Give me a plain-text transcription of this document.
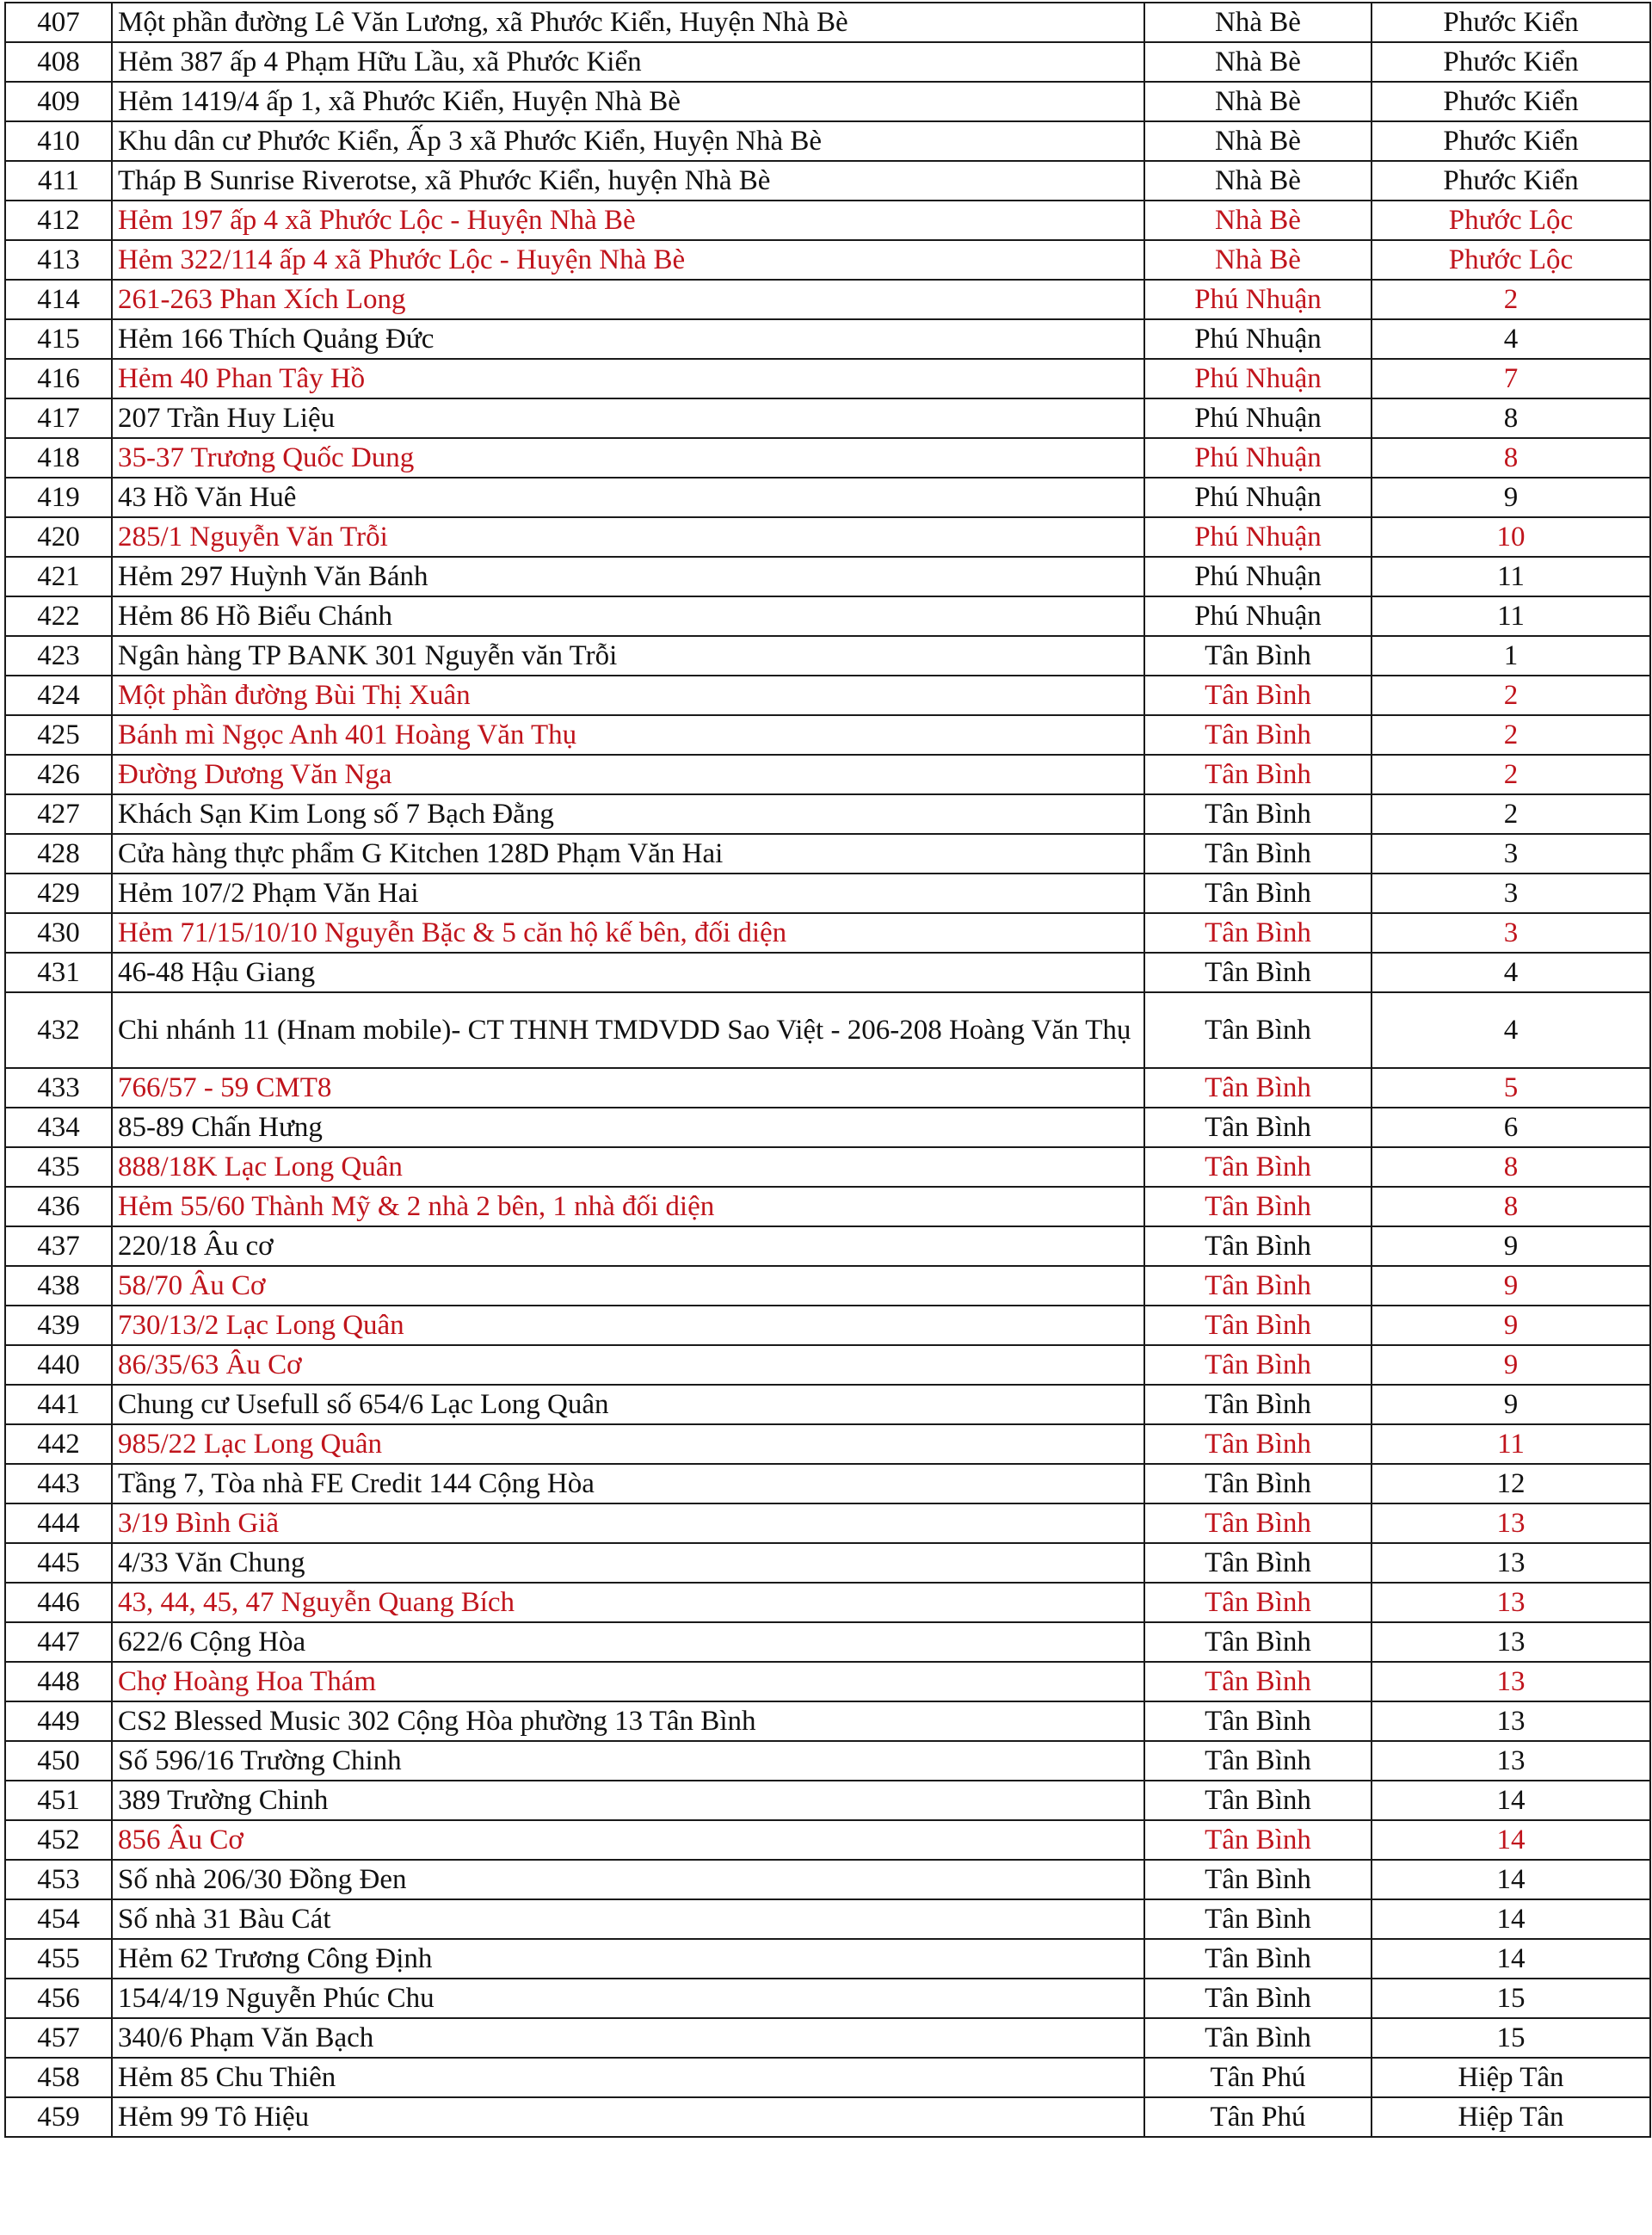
407	Một phần đường Lê Văn Lương, xã Phước Kiển, Huyện Nhà Bè	Nhà Bè	Phước Kiển
408	Hẻm 387 ấp 4 Phạm Hữu Lầu, xã Phước Kiển	Nhà Bè	Phước Kiển
409	Hẻm 1419/4 ấp 1, xã Phước Kiển, Huyện Nhà Bè	Nhà Bè	Phước Kiển
410	Khu dân cư Phước Kiển, Ấp 3 xã Phước Kiển, Huyện Nhà Bè	Nhà Bè	Phước Kiển
411	Tháp B Sunrise Riverotse, xã Phước Kiển, huyện Nhà Bè	Nhà Bè	Phước Kiển
412	Hẻm 197 ấp 4 xã Phước Lộc - Huyện Nhà Bè	Nhà Bè	Phước Lộc
413	Hẻm 322/114 ấp 4 xã Phước Lộc - Huyện Nhà Bè	Nhà Bè	Phước Lộc
414	261-263 Phan Xích Long	Phú Nhuận	2
415	Hẻm 166 Thích Quảng Đức	Phú Nhuận	4
416	Hẻm 40 Phan Tây Hồ	Phú Nhuận	7
417	207 Trần Huy Liệu	Phú Nhuận	8
418	35-37 Trương Quốc Dung	Phú Nhuận	8
419	43 Hồ Văn Huê	Phú Nhuận	9
420	285/1 Nguyễn Văn Trỗi	Phú Nhuận	10
421	Hẻm 297 Huỳnh Văn Bánh	Phú Nhuận	11
422	Hẻm 86 Hồ Biểu Chánh	Phú Nhuận	11
423	Ngân hàng TP BANK 301 Nguyễn văn Trỗi	Tân Bình	1
424	Một phần đường Bùi Thị Xuân	Tân Bình	2
425	Bánh mì Ngọc Anh 401 Hoàng Văn Thụ	Tân Bình	2
426	Đường Dương Văn Nga	Tân Bình	2
427	Khách Sạn Kim Long số 7 Bạch Đằng	Tân Bình	2
428	Cửa hàng thực phẩm G Kitchen 128D Phạm Văn Hai	Tân Bình	3
429	Hẻm 107/2 Phạm Văn Hai	Tân Bình	3
430	Hẻm 71/15/10/10 Nguyễn Bặc & 5 căn hộ kế bên, đối diện	Tân Bình	3
431	46-48 Hậu Giang	Tân Bình	4
432	Chi nhánh 11 (Hnam mobile)- CT THNH TMDVDD Sao Việt - 206-208 Hoàng Văn Thụ	Tân Bình	4
433	766/57 - 59 CMT8	Tân Bình	5
434	85-89 Chấn Hưng	Tân Bình	6
435	888/18K Lạc Long Quân	Tân Bình	8
436	Hẻm 55/60 Thành Mỹ & 2 nhà 2 bên, 1 nhà đối diện	Tân Bình	8
437	220/18 Âu cơ	Tân Bình	9
438	58/70 Âu Cơ	Tân Bình	9
439	730/13/2 Lạc Long Quân	Tân Bình	9
440	86/35/63 Âu Cơ	Tân Bình	9
441	Chung cư Usefull số 654/6 Lạc Long Quân	Tân Bình	9
442	985/22 Lạc Long Quân	Tân Bình	11
443	Tầng 7, Tòa nhà FE Credit 144 Cộng Hòa	Tân Bình	12
444	3/19 Bình Giã	Tân Bình	13
445	4/33 Văn Chung	Tân Bình	13
446	43, 44, 45, 47 Nguyễn Quang Bích	Tân Bình	13
447	622/6 Cộng Hòa	Tân Bình	13
448	Chợ Hoàng Hoa Thám	Tân Bình	13
449	CS2 Blessed Music 302 Cộng Hòa phường 13 Tân Bình	Tân Bình	13
450	Số 596/16 Trường Chinh	Tân Bình	13
451	389 Trường Chinh	Tân Bình	14
452	856 Âu Cơ	Tân Bình	14
453	Số nhà 206/30 Đồng Đen	Tân Bình	14
454	Số nhà 31 Bàu Cát	Tân Bình	14
455	Hẻm 62 Trương Công Định	Tân Bình	14
456	154/4/19 Nguyễn Phúc Chu	Tân Bình	15
457	340/6 Phạm Văn Bạch	Tân Bình	15
458	Hẻm 85 Chu Thiên	Tân Phú	Hiệp Tân
459	Hẻm 99 Tô Hiệu	Tân Phú	Hiệp Tân
